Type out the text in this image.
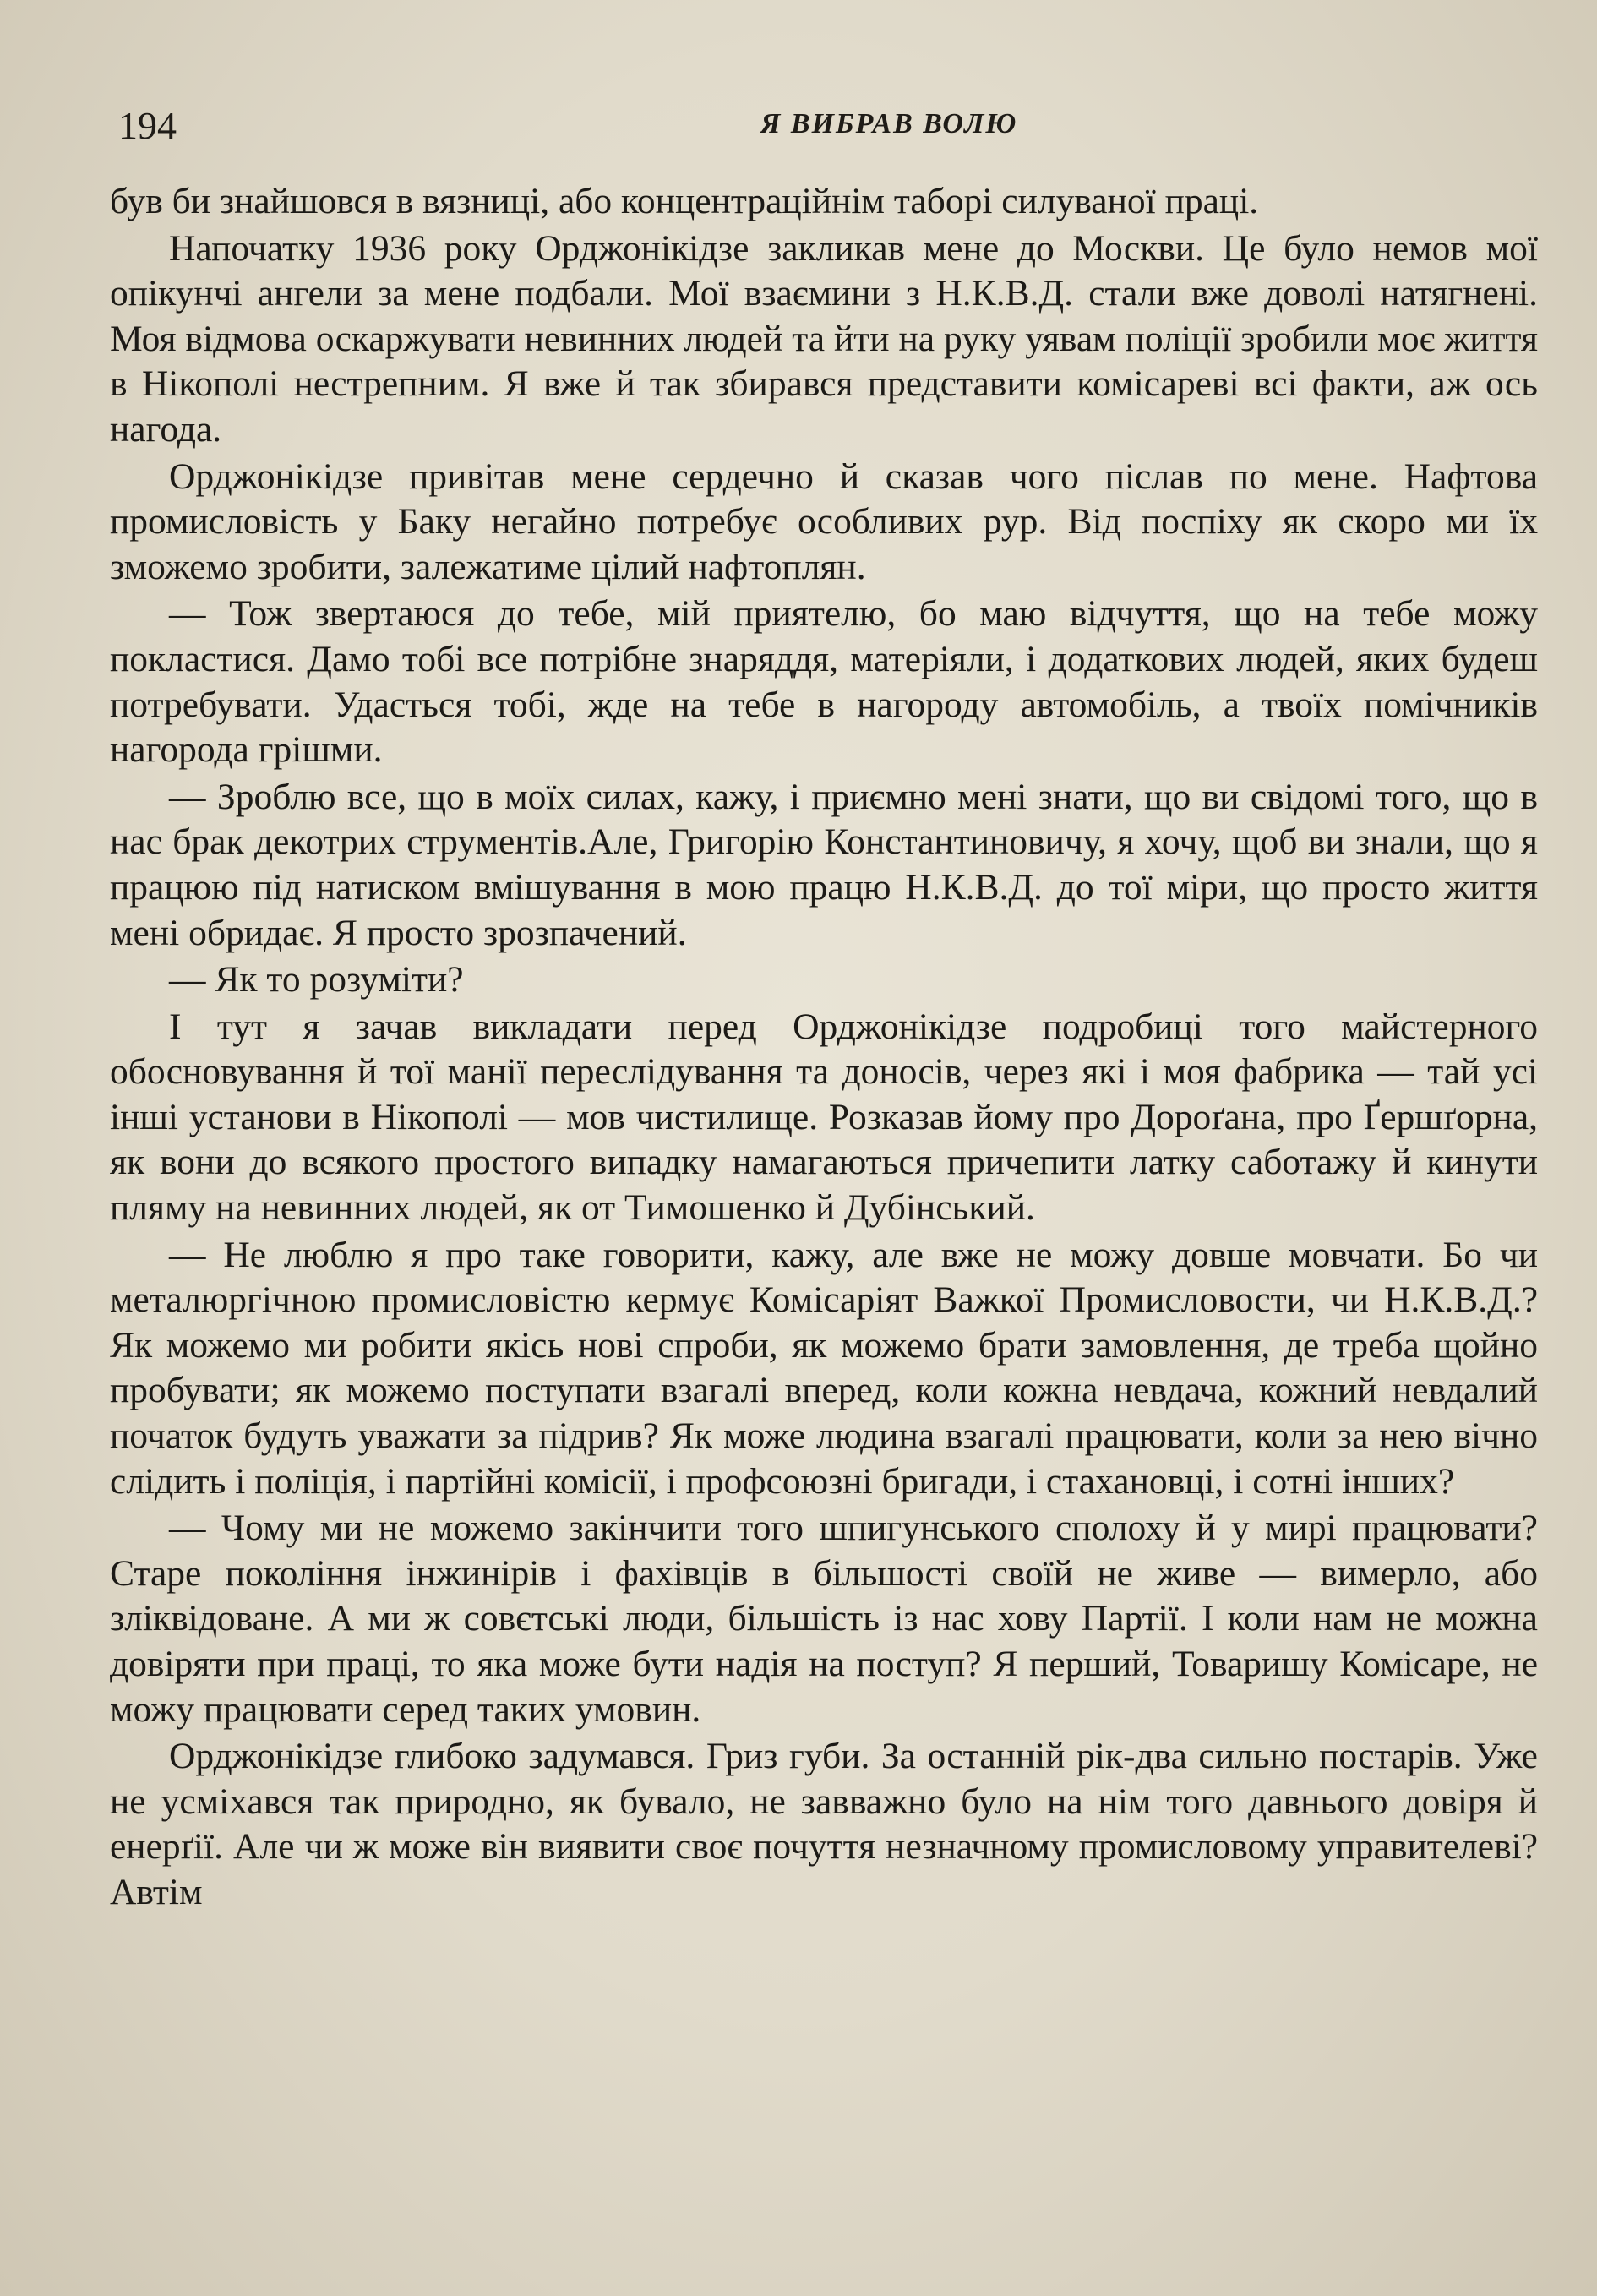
194	Я ВИБРАВ ВОЛЮ

був би знайшовся в вязниці, або концентраційнім таборі силуваної праці.

Напочатку 1936 року Орджонікідзе закликав мене до Москви. Це було немов мої опікунчі ангели за мене подбали. Мої взаємини з Н.К.В.Д. стали вже доволі натягнені. Моя відмова оскаржувати невинних людей та йти на руку уявам поліції зробили моє життя в Нікополі нестрепним. Я вже й так збирався представити комісареві всі факти, аж ось нагода.

Орджонікідзе привітав мене сердечно й сказав чого післав по мене. Нафтова промисловість у Баку негайно потребує особливих рур. Від поспіху як скоро ми їх зможемо зробити, залежатиме цілий нафтоплян.

— Тож звертаюся до тебе, мій приятелю, бо маю відчуття, що на тебе можу покластися. Дамо тобі все потрібне знаряддя, матеріяли, і додаткових людей, яких будеш потребувати. Удасться тобі, жде на тебе в нагороду автомобіль, а твоїх помічників нагорода грішми.

— Зроблю все, що в моїх силах, кажу, і приємно мені знати, що ви свідомі того, що в нас брак декотрих струментів.Але, Григорію Константиновичу, я хочу, щоб ви знали, що я працюю під натиском вмішування в мою працю Н.К.В.Д. до тої міри, що просто життя мені обридає. Я просто зрозпачений.

— Як то розуміти?

І тут я зачав викладати перед Орджонікідзе подробиці того майстерного обосновування й тої манії переслідування та доносів, через які і моя фабрика — тай усі інші установи в Нікополі — мов чистилище. Розказав йому про Дороґана, про Ґершґорна, як вони до всякого простого випадку намагаються причепити латку саботажу й кинути пляму на невинних людей, як от Тимошенко й Дубінський.

— Не люблю я про таке говорити, кажу, але вже не можу довше мовчати. Бо чи металюргічною промисловістю кермує Комісаріят Важкої Промисловости, чи Н.К.В.Д.? Як можемо ми робити якісь нові спроби, як можемо брати замовлення, де треба щойно пробувати; як можемо поступати взагалі вперед, коли кожна невдача, кожний невдалий початок будуть уважати за підрив? Як може людина взагалі працювати, коли за нею вічно слідить і поліція, і партійні комісії, і профсоюзні бригади, і стахановці, і сотні інших?

— Чому ми не можемо закінчити того шпигунського сполоху й у мирі працювати? Старе покоління інжинірів і фахівців в більшості своїй не живе — вимерло, або зліквідоване. А ми ж совєтські люди, більшість із нас хову Партії. І коли нам не можна довіряти при праці, то яка може бути надія на поступ? Я перший, Товаришу Комісаре, не можу працювати серед таких умовин.

Орджонікідзе глибоко задумався. Гриз губи. За останній рік-два сильно постарів. Уже не усміхався так природно, як бувало, не завважно було на нім того давнього довіря й енерґії. Але чи ж може він виявити своє почуття незначному промисловому управителеві? Автім
